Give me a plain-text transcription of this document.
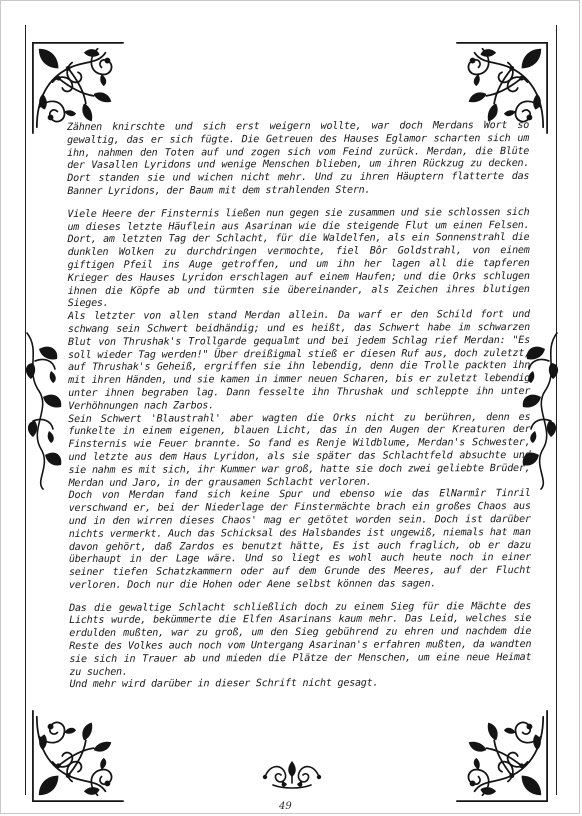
Zähnen knirschte und sich erst weigern wollte, war doch Merdans Wort so gewaltig, das er sich fügte. Die Getreuen des Hauses Eglamor scharten sich um ihn, nahmen den Toten auf und zogen sich vom Feind zurück. Merdan, die Blüte der Vasallen Lyridons und wenige Menschen blieben, um ihren Rückzug zu decken. Dort standen sie und wichen nicht mehr. Und zu ihren Häuptern flatterte das Banner Lyridons, der Baum mit dem strahlenden Stern.

Viele Heere der Finsternis ließen nun gegen sie zusammen und sie schlossen sich um dieses letzte Häuflein aus Asarinan wie die steigende Flut um einen Felsen. Dort, am letzten Tag der Schlacht, für die Waldelfen, als ein Sonnenstrahl die dunklen Wolken zu durchdringen vermochte, fiel Bôr Goldstrahl, von einem giftigen Pfeil ins Auge getroffen, und um ihn her lagen all die tapferen Krieger des Hauses Lyridon erschlagen auf einem Haufen; und die Orks schlugen ihnen die Köpfe ab und türmten sie übereinander, als Zeichen ihres blutigen Sieges.

Als letzter von allen stand Merdan allein. Da warf er den Schild fort und schwang sein Schwert beidhändig; und es heißt, das Schwert habe im schwarzen Blut von Thrushak's Trollgarde gequalmt und bei jedem Schlag rief Merdan: "Es soll wieder Tag werden!" Über dreißigmal stieß er diesen Ruf aus, doch zuletzt, auf Thrushak's Geheiß, ergriffen sie ihn lebendig, denn die Trolle packten ihn mit ihren Händen, und sie kamen in immer neuen Scharen, bis er zuletzt lebendig unter ihnen begraben lag. Dann fesselte ihn Thrushak und schleppte ihn unter Verhöhnungen nach Zarbos.

Sein Schwert 'Blaustrahl' aber wagten die Orks nicht zu berühren, denn es funkelte in einem eigenen, blauen Licht, das in den Augen der Kreaturen der Finsternis wie Feuer brannte. So fand es Renje Wildblume, Merdan's Schwester, und letzte aus dem Haus Lyridon, als sie später das Schlachtfeld absuchte und sie nahm es mit sich, ihr Kummer war groß, hatte sie doch zwei geliebte Brüder, Merdan und Jaro, in der grausamen Schlacht verloren.

Doch von Merdan fand sich keine Spur und ebenso wie das ElNarmîr Tinril verschwand er, bei der Niederlage der Finstermächte brach ein großes Chaos aus und in den wirren dieses Chaos' mag er getötet worden sein. Doch ist darüber nichts vermerkt. Auch das Schicksal des Halsbandes ist ungewiß, niemals hat man davon gehört, daß Zardos es benutzt hätte, Es ist auch fraglich, ob er dazu überhaupt in der Lage wäre. Und so liegt es wohl auch heute noch in einer seiner tiefen Schatzkammern oder auf dem Grunde des Meeres, auf der Flucht verloren. Doch nur die Hohen oder Aene selbst können das sagen.

Das die gewaltige Schlacht schließlich doch zu einem Sieg für die Mächte des Lichts wurde, bekümmerte die Elfen Asarinans kaum mehr. Das Leid, welches sie erdulden mußten, war zu groß, um den Sieg gebührend zu ehren und nachdem die Reste des Volkes auch noch vom Untergang Asarinan's erfahren mußten, da wandten sie sich in Trauer ab und mieden die Plätze der Menschen, um eine neue Heimat zu suchen.

Und mehr wird darüber in dieser Schrift nicht gesagt.

49
